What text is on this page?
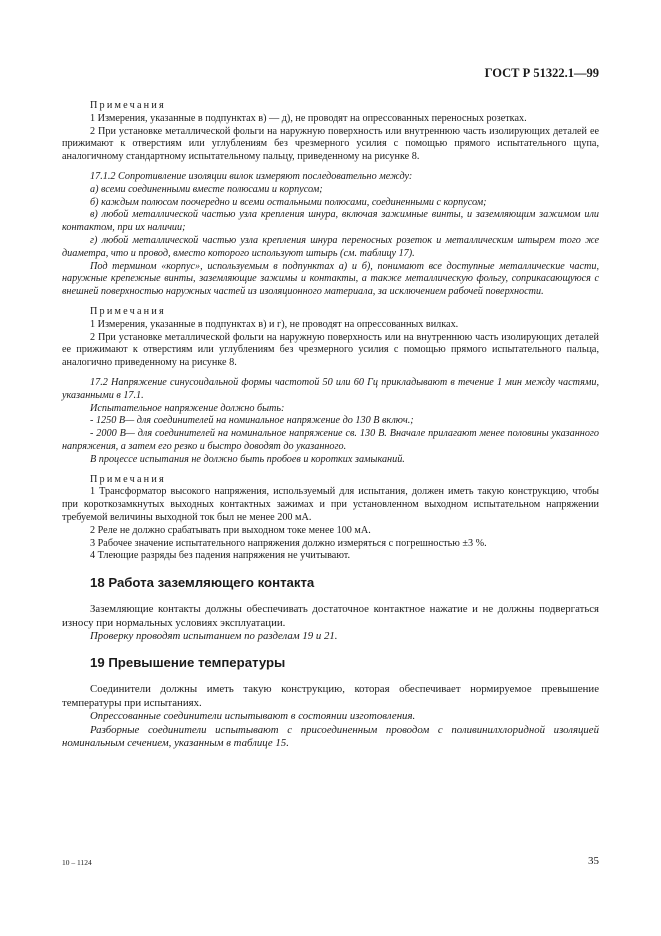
ГОСТ Р 51322.1—99

Примечания

1 Измерения, указанные в подпунктах в) — д), не проводят на опрессованных переносных розетках.

2 При установке металлической фольги на наружную поверхность или внутреннюю часть изолирующих деталей ее прижимают к отверстиям или углублениям без чрезмерного усилия с помощью прямого испытательного щупа, аналогичному стандартному испытательному пальцу, приведенному на рисунке 8.

17.1.2 Сопротивление изоляции вилок измеряют последовательно между:

а) всеми соединенными вместе полюсами и корпусом;

б) каждым полюсом поочередно и всеми остальными полюсами, соединенными с корпусом;

в) любой металлической частью узла крепления шнура, включая зажимные винты, и заземляющим зажимом или контактом, при их наличии;

г) любой металлической частью узла крепления шнура переносных розеток и металлическим штырем того же диаметра, что и провод, вместо которого используют штырь (см. таблицу 17).

Под термином «корпус», используемым в подпунктах а) и б), понимают все доступные металлические части, наружные крепежные винты, заземляющие зажимы и контакты, а также металлическую фольгу, соприкасающуюся с внешней поверхностью наружных частей из изоляционного материала, за исключением рабочей поверхности.

Примечания

1 Измерения, указанные в подпунктах в) и г), не проводят на опрессованных вилках.

2 При установке металлической фольги на наружную поверхность или на внутреннюю часть изолирующих деталей ее прижимают к отверстиям или углублениям без чрезмерного усилия с помощью прямого испытательного пальца, аналогично приведенному на рисунке 8.

17.2 Напряжение синусоидальной формы частотой 50 или 60 Гц прикладывают в течение 1 мин между частями, указанными в 17.1.

Испытательное напряжение должно быть:

- 1250 В— для соединителей на номинальное напряжение до 130 В включ.;

- 2000 В— для соединителей на номинальное напряжение св. 130 В. Вначале прилагают менее половины указанного напряжения, а затем его резко и быстро доводят до указанного.

В процессе испытания не должно быть пробоев и коротких замыканий.

Примечания

1 Трансформатор высокого напряжения, используемый для испытания, должен иметь такую конструкцию, чтобы при короткозамкнутых выходных контактных зажимах и при установленном выходном испытательном напряжении требуемой величины выходной ток был не менее 200 мА.

2 Реле не должно срабатывать при выходном токе менее 100 мА.

3 Рабочее значение испытательного напряжения должно измеряться с погрешностью ±3 %.

4 Тлеющие разряды без падения напряжения не учитывают.

18 Работа заземляющего контакта

Заземляющие контакты должны обеспечивать достаточное контактное нажатие и не должны подвергаться износу при нормальных условиях эксплуатации.

Проверку проводят испытанием по разделам 19 и 21.

19 Превышение температуры

Соединители должны иметь такую конструкцию, которая обеспечивает нормируемое превышение температуры при испытаниях.

Опрессованные соединители испытывают в состоянии изготовления.

Разборные соединители испытывают с присоединенным проводом с поливинилхлоридной изоляцией номинальным сечением, указанным в таблице 15.

10 – 1124	35
